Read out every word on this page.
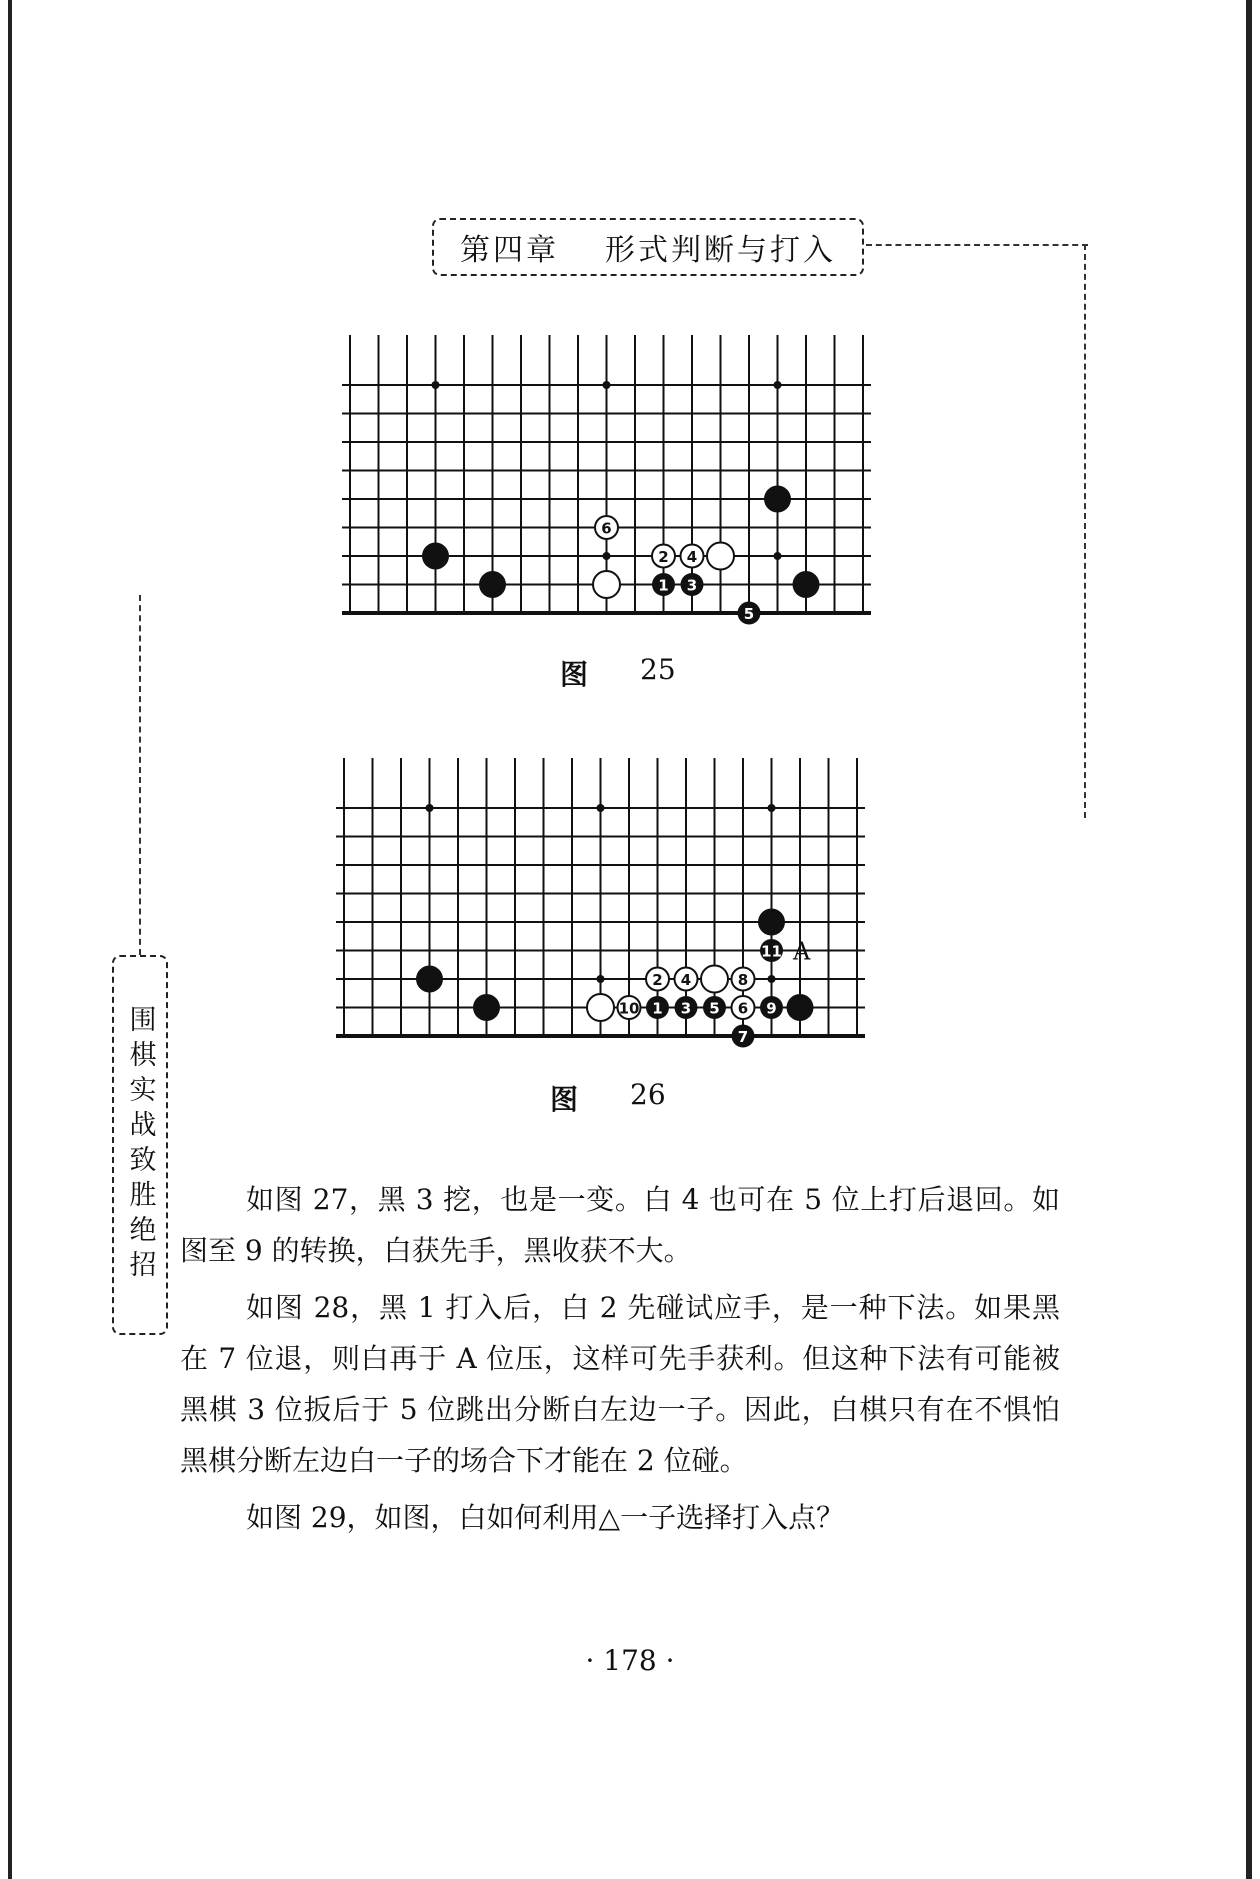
第四章 形式判断与打入
围棋实战致胜绝招
6
2 4
1 3
5
图 25
11
2 4	8
10 1 3 5 6 9
7
A
图 26

如图 27，黑 3 挖，也是一变。白 4 也可在 5 位上打后退回。如图至 9 的转换，白获先手，黑收获不大。

如图 28，黑 1 打入后，白 2 先碰试应手，是一种下法。如果黑在 7 位退，则白再于 A 位压，这样可先手获利。但这种下法有可能被黑棋 3 位扳后于 5 位跳出分断白左边一子。因此，白棋只有在不惧怕黑棋分断左边白一子的场合下才能在 2 位碰。

如图 29，如图，白如何利用△一子选择打入点？

· 178 ·
